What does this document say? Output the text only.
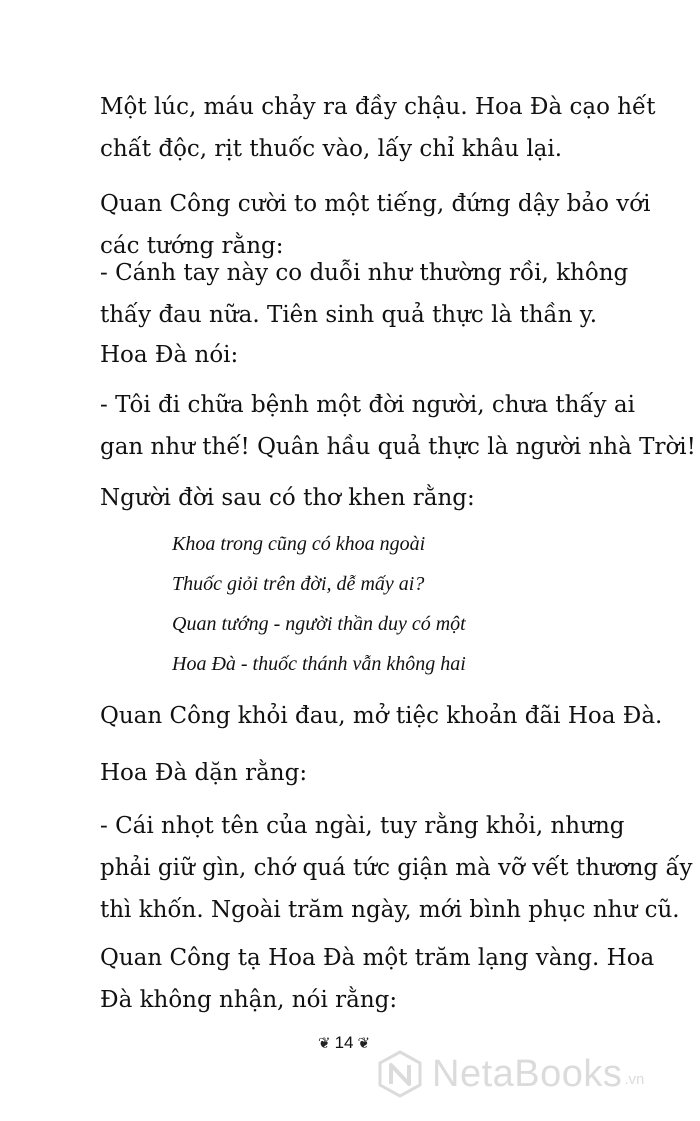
Một lúc, máu chảy ra đầy chậu. Hoa Đà cạo hết
chất độc, rịt thuốc vào, lấy chỉ khâu lại.

Quan Công cười to một tiếng, đứng dậy bảo với
các tướng rằng:

- Cánh tay này co duỗi như thường rồi, không
thấy đau nữa. Tiên sinh quả thực là thần y.

Hoa Đà nói:

- Tôi đi chữa bệnh một đời người, chưa thấy ai
gan như thế! Quân hầu quả thực là người nhà Trời!

Người đời sau có thơ khen rằng:

Khoa trong cũng có khoa ngoài
Thuốc giỏi trên đời, dễ mấy ai?
Quan tướng - người thần duy có một
Hoa Đà - thuốc thánh vẫn không hai

Quan Công khỏi đau, mở tiệc khoản đãi Hoa Đà.

Hoa Đà dặn rằng:

- Cái nhọt tên của ngài, tuy rằng khỏi, nhưng
phải giữ gìn, chớ quá tức giận mà vỡ vết thương ấy
thì khốn. Ngoài trăm ngày, mới bình phục như cũ.

Quan Công tạ Hoa Đà một trăm lạng vàng. Hoa
Đà không nhận, nói rằng:

❦ 14 ❦
NetaBooks .vn
